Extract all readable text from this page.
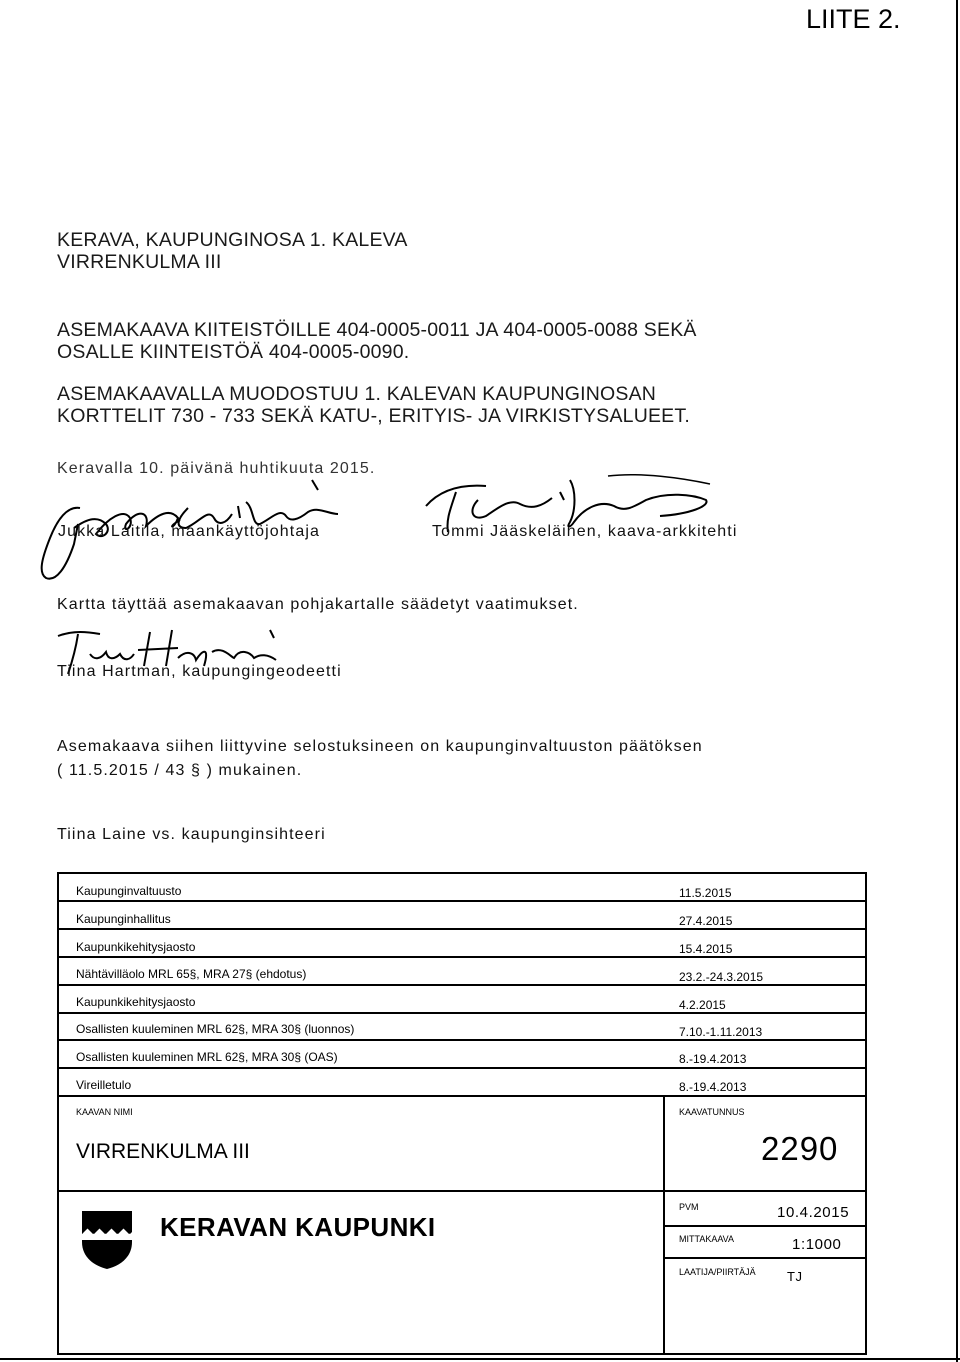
LIITE 2.
KERAVA, KAUPUNGINOSA 1. KALEVA
VIRRENKULMA III
ASEMAKAAVA KIITEISTÖILLE 404-0005-0011 JA 404-0005-0088 SEKÄ
OSALLE KIINTEISTÖÄ 404-0005-0090.
ASEMAKAAVALLA MUODOSTUU 1. KALEVAN KAUPUNGINOSAN
KORTTELIT 730 - 733 SEKÄ KATU-, ERITYIS- JA VIRKISTYSALUEET.
Keravalla 10. päivänä huhtikuuta 2015.
Jukka Laitila, maankäyttöjohtaja	Tommi Jääskeläinen, kaava-arkkitehti
Kartta täyttää asemakaavan pohjakartalle säädetyt vaatimukset.
Tiina Hartman, kaupungingeodeetti
Asemakaava siihen liittyvine selostuksineen on kaupunginvaltuuston päätöksen
( 11.5.2015 / 43 § ) mukainen.
Tiina Laine vs. kaupunginsihteeri
Kaupunginvaltuusto	11.5.2015
Kaupunginhallitus	27.4.2015
Kaupunkikehitysjaosto	15.4.2015
Nähtävilläolo MRL 65§, MRA 27§ (ehdotus)	23.2.-24.3.2015
Kaupunkikehitysjaosto	4.2.2015
Osallisten kuuleminen MRL 62§, MRA 30§ (luonnos)	7.10.-1.11.2013
Osallisten kuuleminen MRL 62§, MRA 30§ (OAS)	8.-19.4.2013
Vireilletulo	8.-19.4.2013
KAAVAN NIMI	KAAVATUNNUS
VIRRENKULMA III	2290
KERAVAN KAUPUNKI
PVM	10.4.2015
MITTAKAAVA	1:1000
LAATIJA/PIIRTÄJÄ TJ
